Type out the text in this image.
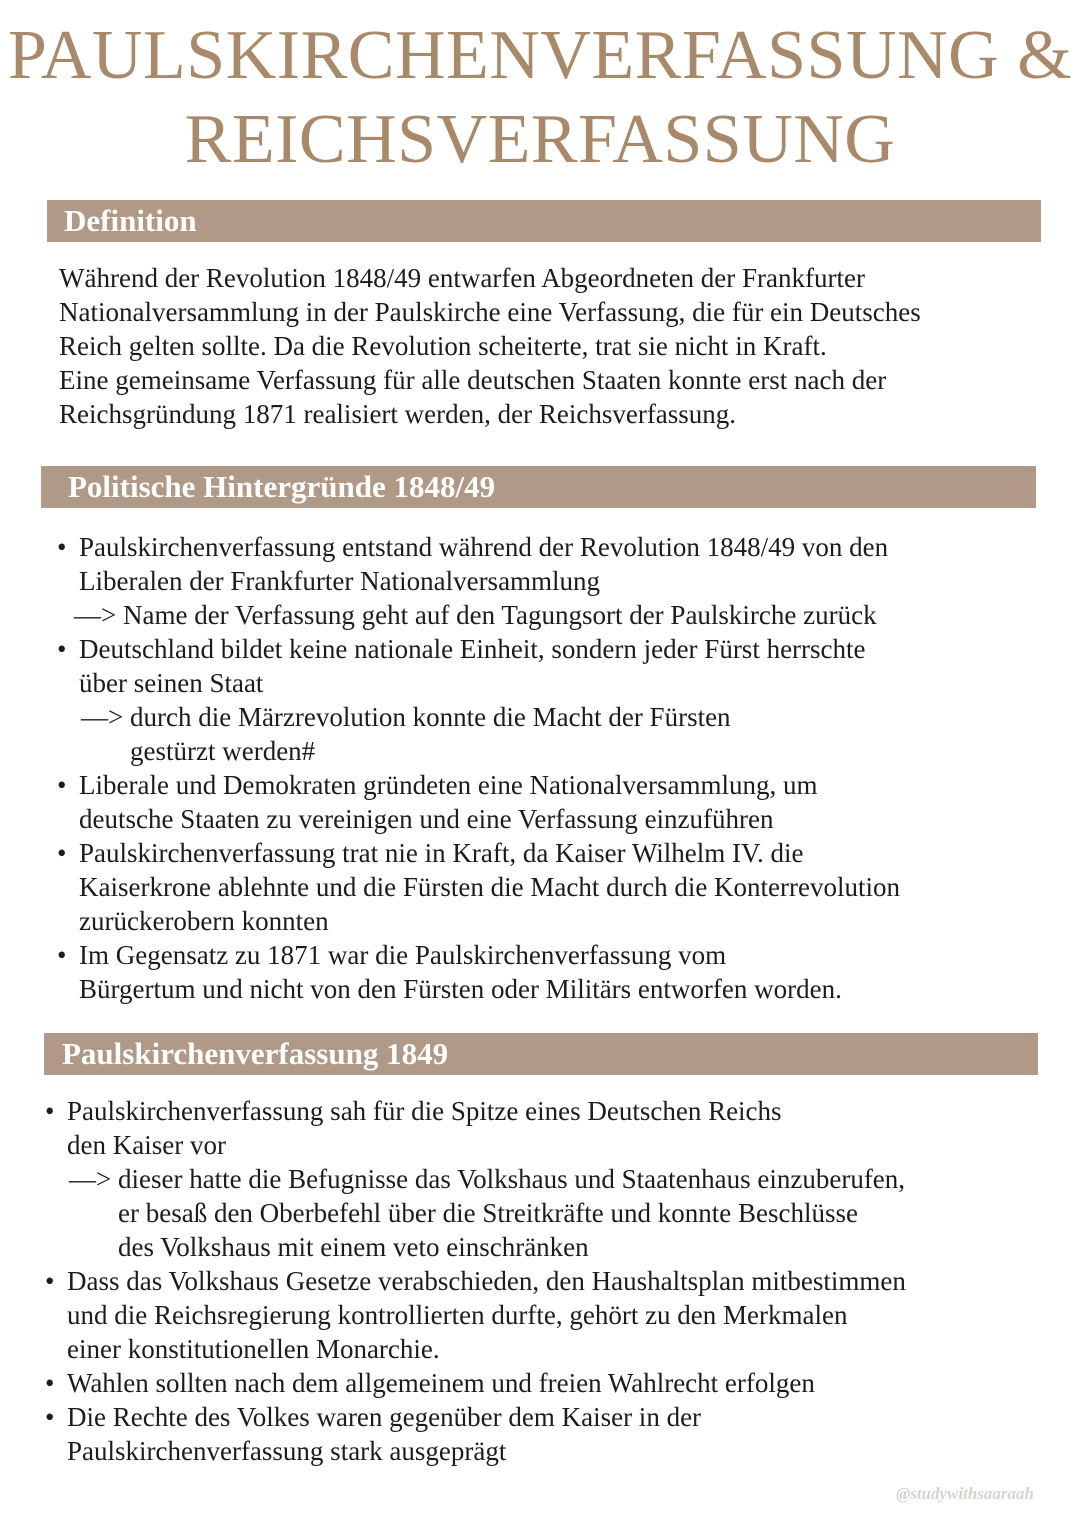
PAULSKIRCHENVERFASSUNG &
REICHSVERFASSUNG
Definition
Während der Revolution 1848/49 entwarfen Abgeordneten der Frankfurter
Nationalversammlung in der Paulskirche eine Verfassung, die für ein Deutsches
Reich gelten sollte. Da die Revolution scheiterte, trat sie nicht in Kraft.
Eine gemeinsame Verfassung für alle deutschen Staaten konnte erst nach der
Reichsgründung 1871 realisiert werden, der Reichsverfassung.
Politische Hintergründe 1848/49
• Paulskirchenverfassung entstand während der Revolution 1848/49 von den
Liberalen der Frankfurter Nationalversammlung
—> Name der Verfassung geht auf den Tagungsort der Paulskirche zurück
• Deutschland bildet keine nationale Einheit, sondern jeder Fürst herrschte
über seinen Staat
—> durch die Märzrevolution konnte die Macht der Fürsten
gestürzt werden#
• Liberale und Demokraten gründeten eine Nationalversammlung, um
deutsche Staaten zu vereinigen und eine Verfassung einzuführen
• Paulskirchenverfassung trat nie in Kraft, da Kaiser Wilhelm IV. die
Kaiserkrone ablehnte und die Fürsten die Macht durch die Konterrevolution
zurückerobern konnten
• Im Gegensatz zu 1871 war die Paulskirchenverfassung vom
Bürgertum und nicht von den Fürsten oder Militärs entworfen worden.
Paulskirchenverfassung 1849
• Paulskirchenverfassung sah für die Spitze eines Deutschen Reichs
den Kaiser vor
—> dieser hatte die Befugnisse das Volkshaus und Staatenhaus einzuberufen,
er besaß den Oberbefehl über die Streitkräfte und konnte Beschlüsse
des Volkshaus mit einem veto einschränken
• Dass das Volkshaus Gesetze verabschieden, den Haushaltsplan mitbestimmen
und die Reichsregierung kontrollierten durfte, gehört zu den Merkmalen
einer konstitutionellen Monarchie.
• Wahlen sollten nach dem allgemeinem und freien Wahlrecht erfolgen
• Die Rechte des Volkes waren gegenüber dem Kaiser in der
Paulskirchenverfassung stark ausgeprägt
@studywithsaaraah
